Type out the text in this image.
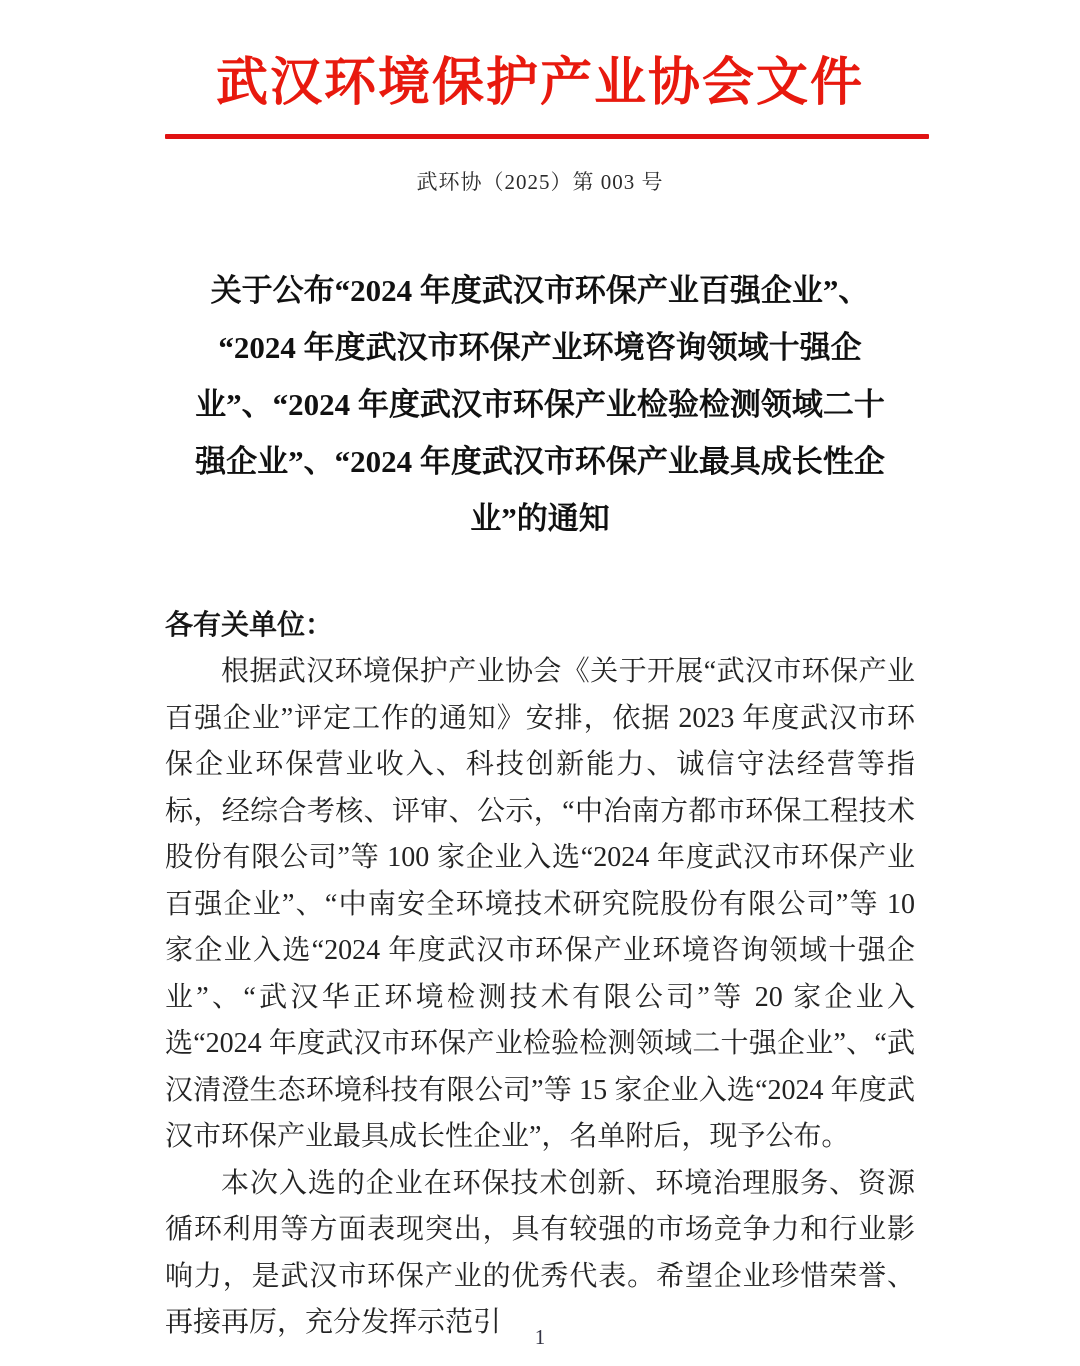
武汉环境保护产业协会文件
武环协（2025）第 003 号
关于公布“2024 年度武汉市环保产业百强企业”、
“2024 年度武汉市环保产业环境咨询领域十强企
业”、“2024 年度武汉市环保产业检验检测领域二十
强企业”、“2024 年度武汉市环保产业最具成长性企
业”的通知

各有关单位：

根据武汉环境保护产业协会《关于开展“武汉市环保产业百强企业”评定工作的通知》安排，依据 2023 年度武汉市环保企业环保营业收入、科技创新能力、诚信守法经营等指标，经综合考核、评审、公示，“中冶南方都市环保工程技术股份有限公司”等 100 家企业入选“2024 年度武汉市环保产业百强企业”、“中南安全环境技术研究院股份有限公司”等 10 家企业入选“2024 年度武汉市环保产业环境咨询领域十强企业”、“武汉华正环境检测技术有限公司”等 20 家企业入选“2024 年度武汉市环保产业检验检测领域二十强企业”、“武汉清澄生态环境科技有限公司”等 15 家企业入选“2024 年度武汉市环保产业最具成长性企业”，名单附后，现予公布。

本次入选的企业在环保技术创新、环境治理服务、资源循环利用等方面表现突出，具有较强的市场竞争力和行业影响力，是武汉市环保产业的优秀代表。希望企业珍惜荣誉、再接再厉，充分发挥示范引	1
